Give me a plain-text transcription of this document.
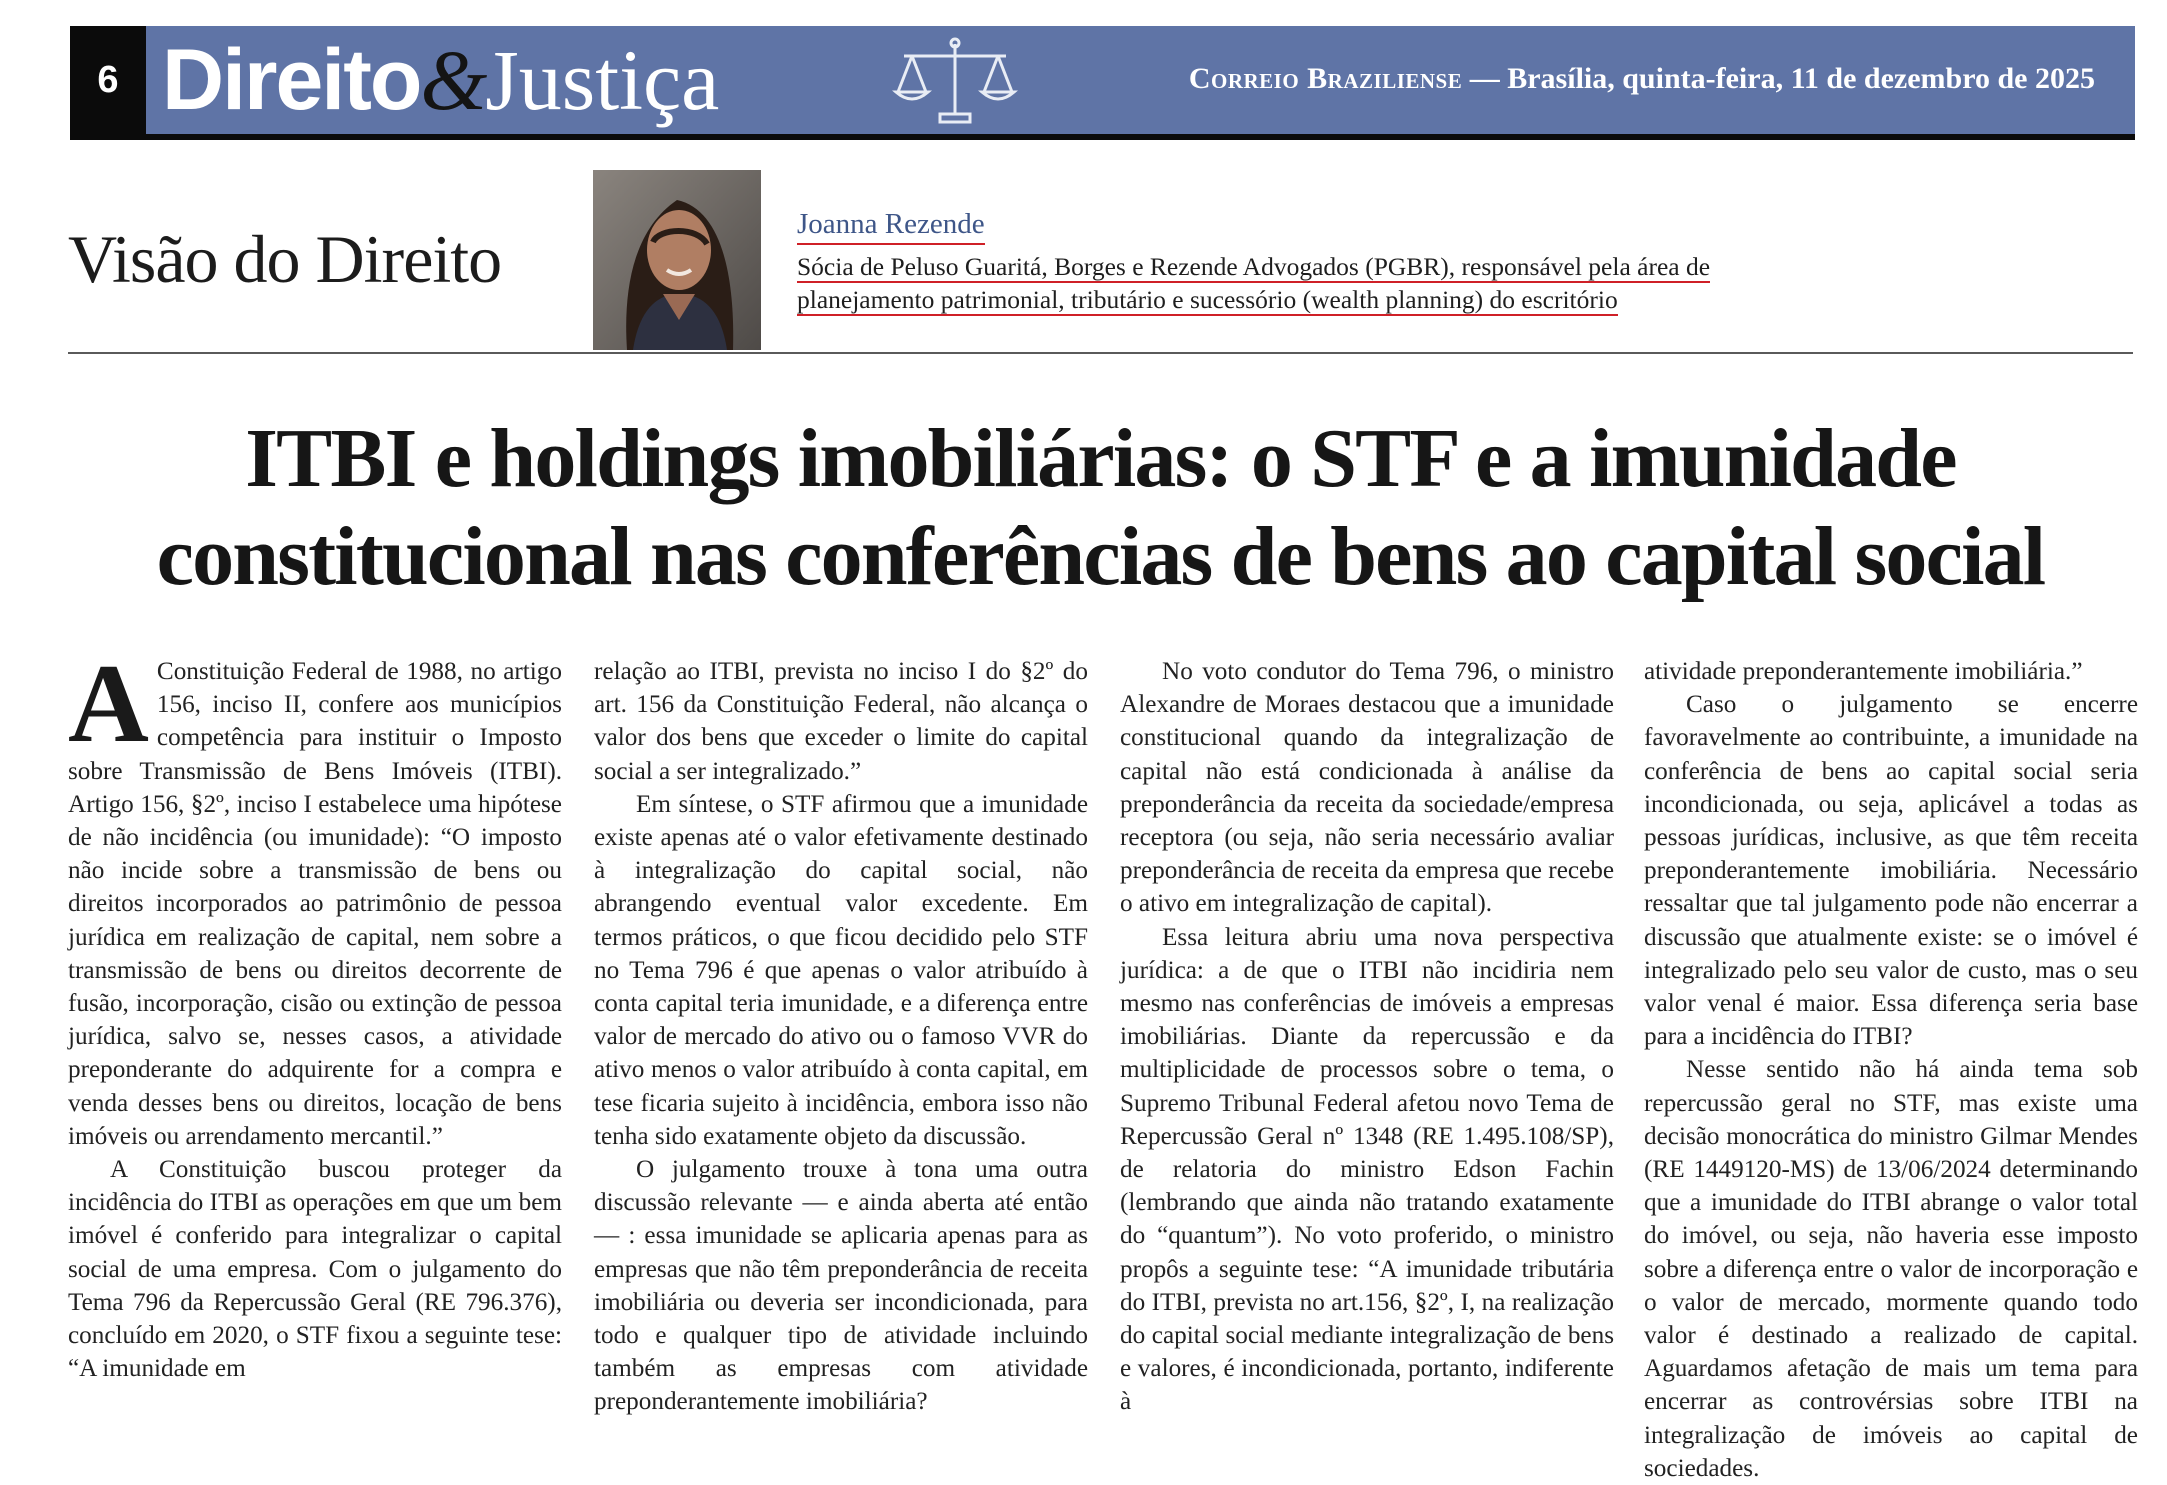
6 Direito&Justiça	Correio Braziliense — Brasília, quinta-feira, 11 de dezembro de 2025
Visão do Direito	Joanna Rezende
Sócia de Peluso Guaritá, Borges e Rezende Advogados (PGBR), responsável pela área de planejamento patrimonial, tributário e sucessório (wealth planning) do escritório
ITBI e holdings imobiliárias: o STF e a imunidade
constitucional nas conferências de bens ao capital social

A Constituição Federal de 1988, no artigo 156, inciso II, confere aos municípios competência para instituir o Imposto sobre Transmissão de Bens Imóveis (ITBI). Artigo 156, §2º, inciso I estabelece uma hipótese de não incidência (ou imunidade): “O imposto não incide sobre a transmissão de bens ou direitos incorporados ao patrimônio de pessoa jurídica em realização de capital, nem sobre a transmissão de bens ou direitos decorrente de fusão, incorporação, cisão ou extinção de pessoa jurídica, salvo se, nesses casos, a atividade preponderante do adquirente for a compra e venda desses bens ou direitos, locação de bens imóveis ou arrendamento mercantil.”

A Constituição buscou proteger da incidência do ITBI as operações em que um bem imóvel é conferido para integralizar o capital social de uma empresa. Com o julgamento do Tema 796 da Repercussão Geral (RE 796.376), concluído em 2020, o STF fixou a seguinte tese: “A imunidade em

relação ao ITBI, prevista no inciso I do §2º do art. 156 da Constituição Federal, não alcança o valor dos bens que exceder o limite do capital social a ser integralizado.”

Em síntese, o STF afirmou que a imunidade existe apenas até o valor efetivamente destinado à integralização do capital social, não abrangendo eventual valor excedente. Em termos práticos, o que ficou decidido pelo STF no Tema 796 é que apenas o valor atribuído à conta capital teria imunidade, e a diferença entre valor de mercado do ativo ou o famoso VVR do ativo menos o valor atribuído à conta capital, em tese ficaria sujeito à incidência, embora isso não tenha sido exatamente objeto da discussão.

O julgamento trouxe à tona uma outra discussão relevante — e ainda aberta até então — : essa imunidade se aplicaria apenas para as empresas que não têm preponderância de receita imobiliária ou deveria ser incondicionada, para todo e qualquer tipo de atividade incluindo também as empresas com atividade preponderantemente imobiliária?

No voto condutor do Tema 796, o ministro Alexandre de Moraes destacou que a imunidade constitucional quando da integralização de capital não está condicionada à análise da preponderância da receita da sociedade/empresa receptora (ou seja, não seria necessário avaliar preponderância de receita da empresa que recebe o ativo em integralização de capital).

Essa leitura abriu uma nova perspectiva jurídica: a de que o ITBI não incidiria nem mesmo nas conferências de imóveis a empresas imobiliárias. Diante da repercussão e da multiplicidade de processos sobre o tema, o Supremo Tribunal Federal afetou novo Tema de Repercussão Geral nº 1348 (RE 1.495.108/SP), de relatoria do ministro Edson Fachin (lembrando que ainda não tratando exatamente do “quantum”). No voto proferido, o ministro propôs a seguinte tese: “A imunidade tributária do ITBI, prevista no art.156, §2º, I, na realização do capital social mediante integralização de bens e valores, é incondicionada, portanto, indiferente à

atividade preponderantemente imobiliária.”

Caso o julgamento se encerre favoravelmente ao contribuinte, a imunidade na conferência de bens ao capital social seria incondicionada, ou seja, aplicável a todas as pessoas jurídicas, inclusive, as que têm receita preponderantemente imobiliária. Necessário ressaltar que tal julgamento pode não encerrar a discussão que atualmente existe: se o imóvel é integralizado pelo seu valor de custo, mas o seu valor venal é maior. Essa diferença seria base para a incidência do ITBI?

Nesse sentido não há ainda tema sob repercussão geral no STF, mas existe uma decisão monocrática do ministro Gilmar Mendes (RE 1449120-MS) de 13/06/2024 determinando que a imunidade do ITBI abrange o valor total do imóvel, ou seja, não haveria esse imposto sobre a diferença entre o valor de incorporação e o valor de mercado, mormente quando todo valor é destinado a realizado de capital. Aguardamos afetação de mais um tema para encerrar as controvérsias sobre ITBI na integralização de imóveis ao capital de sociedades.
